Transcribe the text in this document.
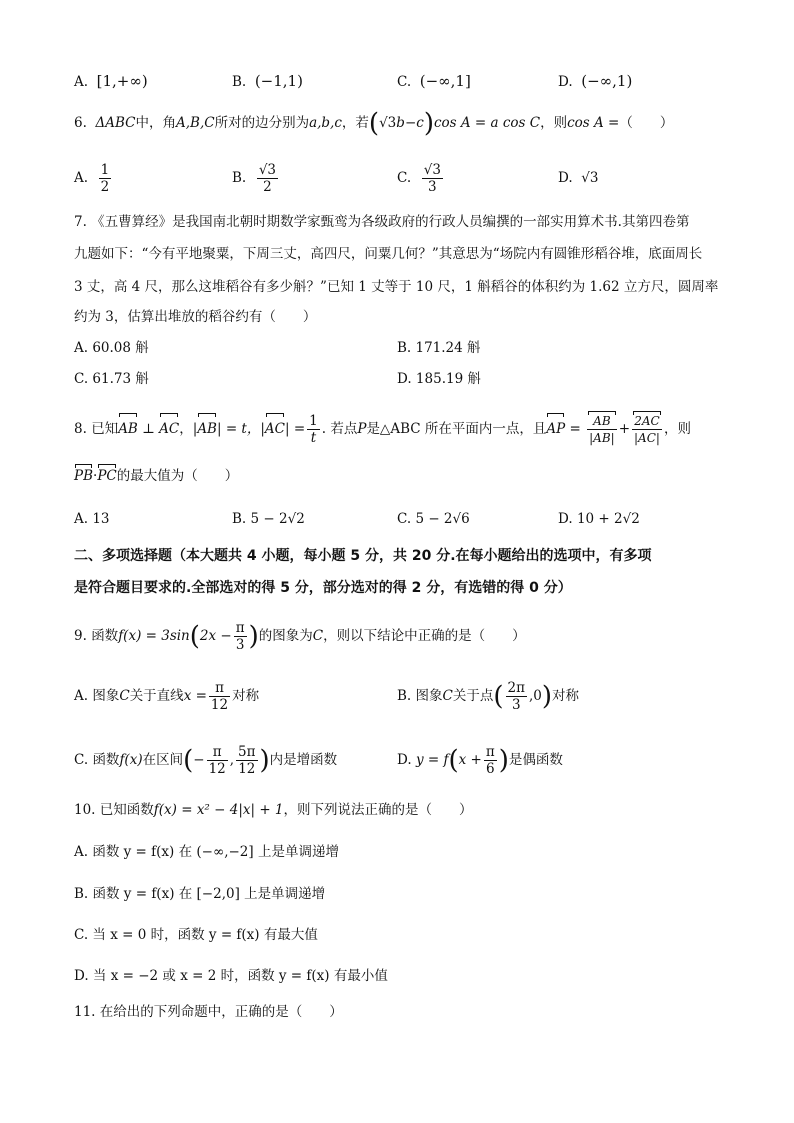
A. [1,+∞)	B. (−1,1)	C. (−∞,1]	D. (−∞,1)
6. ΔABC中，角A,B,C所对的边分别为a,b,c，若(√3b−c)cos A = a cos C，则cos A =（　　）
A. $\frac{1}{2}$	B. $\frac{√3}{2}$	C. $\frac{√3}{3}$	D. √3
7. 《五曹算经》是我国南北朝时期数学家甄鸾为各级政府的行政人员编撰的一部实用算术书.其第四卷第
九题如下：“今有平地聚粟，下周三丈，高四尺，问粟几何？”其意思为“场院内有圆锥形稻谷堆，底面周长
3 丈，高 4 尺，那么这堆稻谷有多少斛？”已知 1 丈等于 10 尺，1 斛稻谷的体积约为 1.62 立方尺，圆周率
约为 3，估算出堆放的稻谷约有（　　）
A. 60.08 斛	B. 171.24 斛
C. 61.73 斛	D. 185.19 斛
8. 已知AB ⊥ AC，|AB| = t，$|AC| = \frac{1}{t}$ . 若点P是△ABC 所在平面内一点，且AP = $\frac{AB}{|AB|} + \frac{2AC}{|AC|}$ ，则
PB·PC的最大值为（　　）
A. 13	B. 5 − 2√2	C. 5 − 2√6	D. 10 + 2√2
二、多项选择题（本大题共 4 小题，每小题 5 分，共 20 分.在每小题给出的选项中，有多项
是符合题目要求的.全部选对的得 5 分，部分选对的得 2 分，有选错的得 0 分）
9. 函数$f(x) = 3\sin(2x - \frac{\pi}{3}$ )的图象为C，则以下结论中正确的是（　　）
A. 图象C关于直线$x = \frac{\pi}{12}$ 对称	B. 图象C关于点( $\frac{2\pi}{3} ,0$)对称
C. 函数f(x)在区间(− $\frac{\pi}{12}$ , $\frac{5\pi}{12}$ )内是增函数	D. $y = f(x + \frac{\pi}{6}$ )是偶函数
10. 已知函数f(x) = x² − 4|x| + 1，则下列说法正确的是（　　）
A. 函数 y = f(x) 在 (−∞,−2] 上是单调递增
B. 函数 y = f(x) 在 [−2,0] 上是单调递增
C. 当 x = 0 时，函数 y = f(x) 有最大值
D. 当 x = −2 或 x = 2 时，函数 y = f(x) 有最小值
11. 在给出的下列命题中，正确的是（　　）
